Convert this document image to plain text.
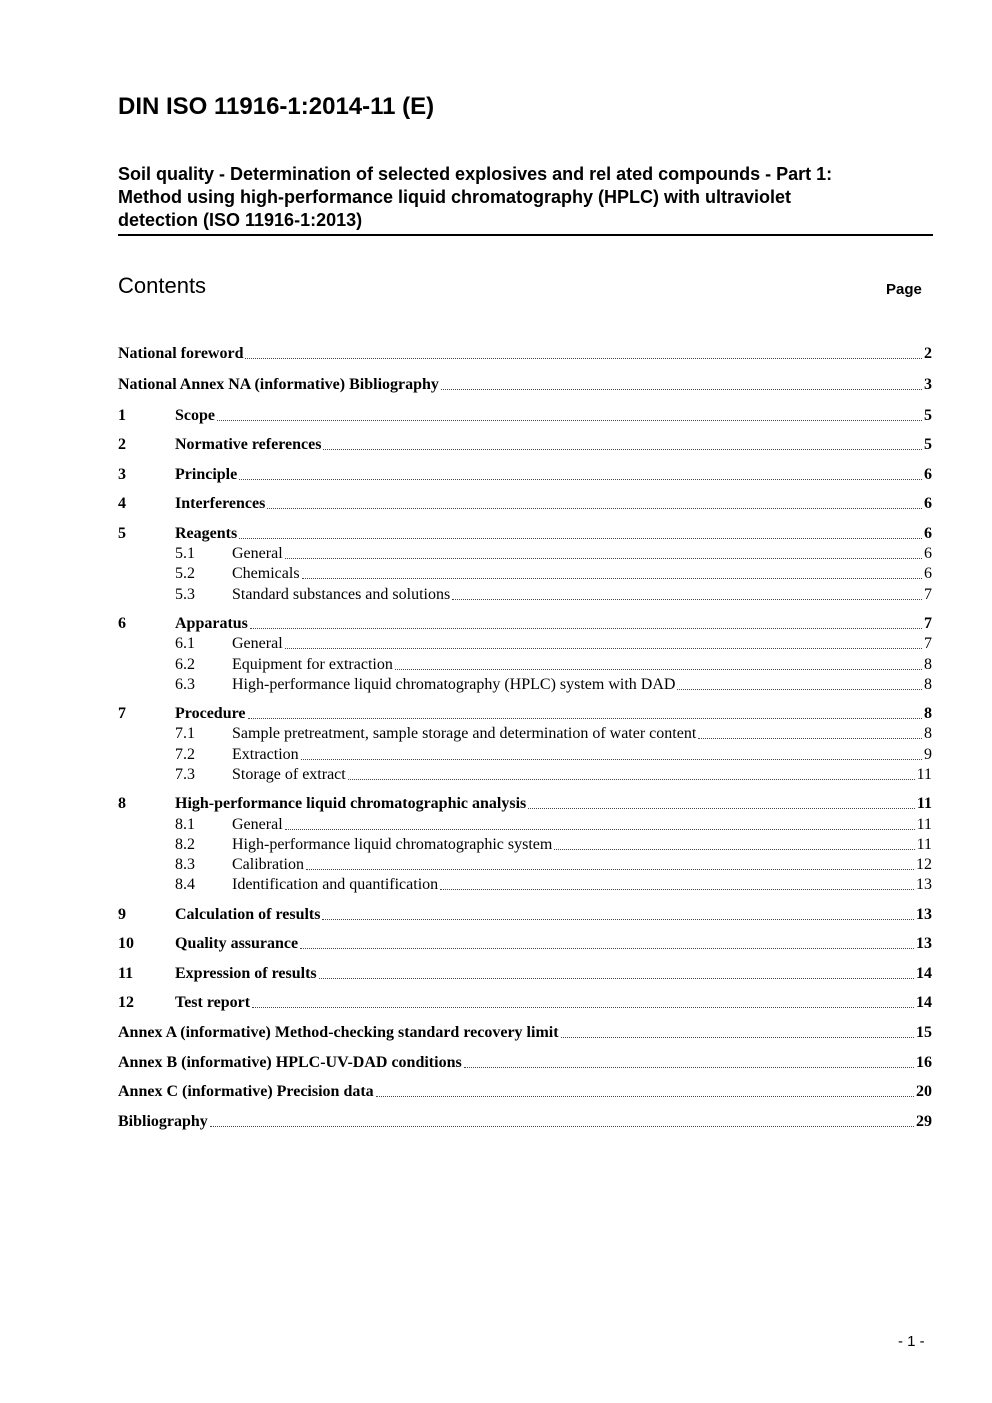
DIN ISO 11916-1:2014-11 (E)
Soil quality - Determination of selected explosives and rel ated compounds - Part 1:
Method using high-performance liquid chromatography (HPLC) with ultraviolet
detection (ISO 11916-1:2013)
Contents	Page
National foreword	2
National Annex NA (informative) Bibliography	3
1	Scope	5
2	Normative references	5
3	Principle	6
4	Interferences	6
5	Reagents	6
5.1	General	6
5.2	Chemicals	6
5.3	Standard substances and solutions	7
6	Apparatus	7
6.1	General	7
6.2	Equipment for extraction	8
6.3	High-performance liquid chromatography (HPLC) system with DAD	8
7	Procedure	8
7.1	Sample pretreatment, sample storage and determination of water content	8
7.2	Extraction	9
7.3	Storage of extract	11
8	High-performance liquid chromatographic analysis	11
8.1	General	11
8.2	High-performance liquid chromatographic system	11
8.3	Calibration	12
8.4	Identification and quantification	13
9	Calculation of results	13
10	Quality assurance	13
11	Expression of results	14
12	Test report	14
Annex A (informative) Method-checking standard recovery limit	15
Annex B (informative) HPLC-UV-DAD conditions	16
Annex C (informative) Precision data	20
Bibliography	29
- 1 -
